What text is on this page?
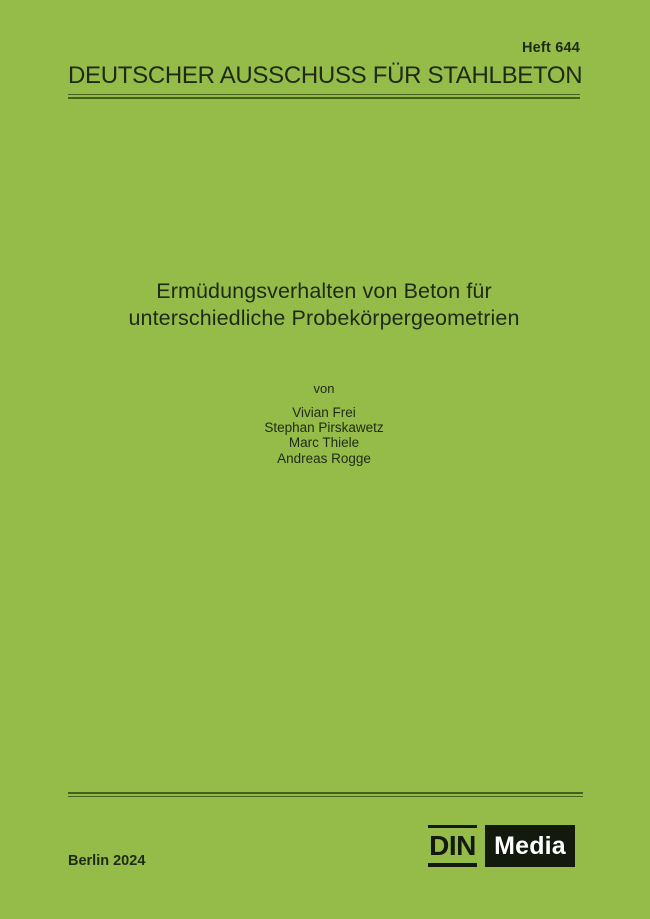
Heft 644
DEUTSCHER AUSSCHUSS FÜR STAHLBETON
Ermüdungsverhalten von Beton für
unterschiedliche Probekörpergeometrien
von
Vivian Frei
Stephan Pirskawetz
Marc Thiele
Andreas Rogge
Berlin 2024
DIN Media
